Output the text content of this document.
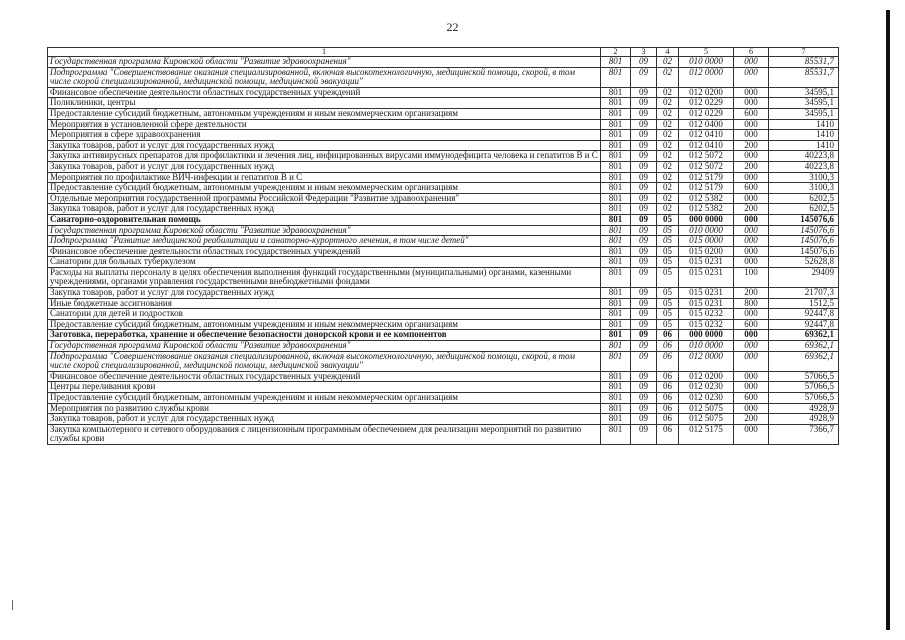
22
1	2	3	4	5	6	7
Государственная программа Кировской области "Развитие здравоохранения"	801	09	02	010 0000	000	85531,7
Подпрограмма "Совершенствование оказания специализированной, включая высокотехнологичную, медицинской помощи, скорой, в том числе скорой специализированной, медицинской помощи, медицинской эвакуации"	801	09	02	012 0000	000	85531,7
Финансовое обеспечение деятельности областных государственных учреждений	801	09	02	012 0200	000	34595,1
Поликлиники, центры	801	09	02	012 0229	000	34595,1
Предоставление субсидий бюджетным, автономным учреждениям и иным некоммерческим организациям	801	09	02	012 0229	600	34595,1
Мероприятия в установленной сфере деятельности	801	09	02	012 0400	000	1410
Мероприятия в сфере здравоохранения	801	09	02	012 0410	000	1410
Закупка товаров, работ и услуг для государственных нужд	801	09	02	012 0410	200	1410
Закупка антивирусных препаратов для профилактики и лечения лиц, инфицированных вирусами иммунодефицита человека и гепатитов B и C	801	09	02	012 5072	000	40223,8
Закупка товаров, работ и услуг для государственных нужд	801	09	02	012 5072	200	40223,8
Мероприятия по профилактике ВИЧ-инфекции и гепатитов B и C	801	09	02	012 5179	000	3100,3
Предоставление субсидий бюджетным, автономным учреждениям и иным некоммерческим организациям	801	09	02	012 5179	600	3100,3
Отдельные мероприятия государственной программы Российской Федерации "Развитие здравоохранения"	801	09	02	012 5382	000	6202,5
Закупка товаров, работ и услуг для государственных нужд	801	09	02	012 5382	200	6202,5
Санаторно-оздоровительная помощь	801	09	05	000 0000	000	145076,6
Государственная программа Кировской области "Развитие здравоохранения"	801	09	05	010 0000	000	145076,6
Подпрограмма "Развитие медицинской реабилитации и санаторно-курортного лечения, в том числе детей"	801	09	05	015 0000	000	145076,6
Финансовое обеспечение деятельности областных государственных учреждений	801	09	05	015 0200	000	145076,6
Санатории для больных туберкулезом	801	09	05	015 0231	000	52628,8
Расходы на выплаты персоналу в целях обеспечения выполнения функций государственными (муниципальными) органами, казенными учреждениями, органами управления государственными внебюджетными фондами	801	09	05	015 0231	100	29409
Закупка товаров, работ и услуг для государственных нужд	801	09	05	015 0231	200	21707,3
Иные бюджетные ассигнования	801	09	05	015 0231	800	1512,5
Санатории для детей и подростков	801	09	05	015 0232	000	92447,8
Предоставление субсидий бюджетным, автономным учреждениям и иным некоммерческим организациям	801	09	05	015 0232	600	92447,8
Заготовка, переработка, хранение и обеспечение безопасности донорской крови и ее компонентов	801	09	06	000 0000	000	69362,1
Государственная программа Кировской области "Развитие здравоохранения"	801	09	06	010 0000	000	69362,1
Подпрограмма "Совершенствование оказания специализированной, включая высокотехнологичную, медицинской помощи, скорой, в том числе скорой специализированной, медицинской помощи, медицинской эвакуации"	801	09	06	012 0000	000	69362,1
Финансовое обеспечение деятельности областных государственных учреждений	801	09	06	012 0200	000	57066,5
Центры переливания крови	801	09	06	012 0230	000	57066,5
Предоставление субсидий бюджетным, автономным учреждениям и иным некоммерческим организациям	801	09	06	012 0230	600	57066,5
Мероприятия по развитию службы крови	801	09	06	012 5075	000	4928,9
Закупка товаров, работ и услуг для государственных нужд	801	09	06	012 5075	200	4928,9
Закупка компьютерного и сетевого оборудования с лицензионным программным обеспечением для реализации мероприятий по развитию службы крови	801	09	06	012 5175	000	7366,7
